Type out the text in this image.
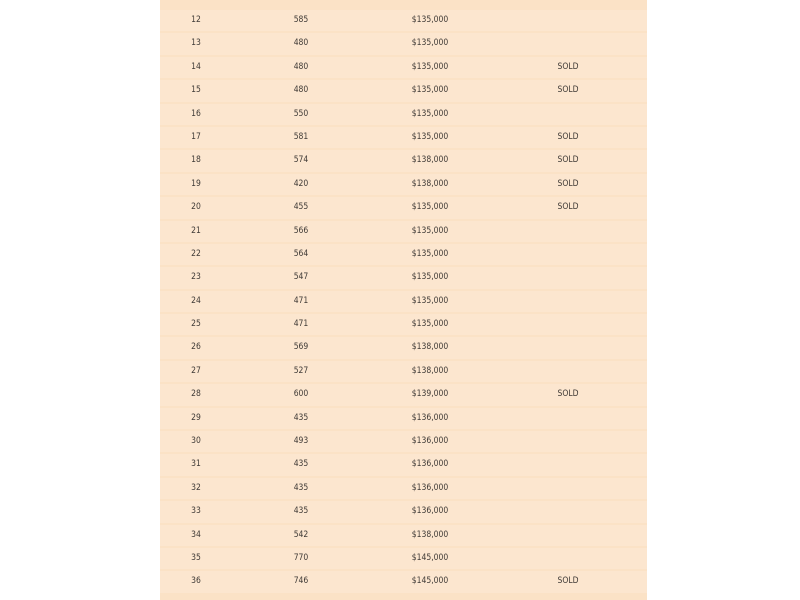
12	585	$135,000
13	480	$135,000
14	480	$135,000	SOLD
15	480	$135,000	SOLD
16	550	$135,000
17	581	$135,000	SOLD
18	574	$138,000	SOLD
19	420	$138,000	SOLD
20	455	$135,000	SOLD
21	566	$135,000
22	564	$135,000
23	547	$135,000
24	471	$135,000
25	471	$135,000
26	569	$138,000
27	527	$138,000
28	600	$139,000	SOLD
29	435	$136,000
30	493	$136,000
31	435	$136,000
32	435	$136,000
33	435	$136,000
34	542	$138,000
35	770	$145,000
36	746	$145,000	SOLD
